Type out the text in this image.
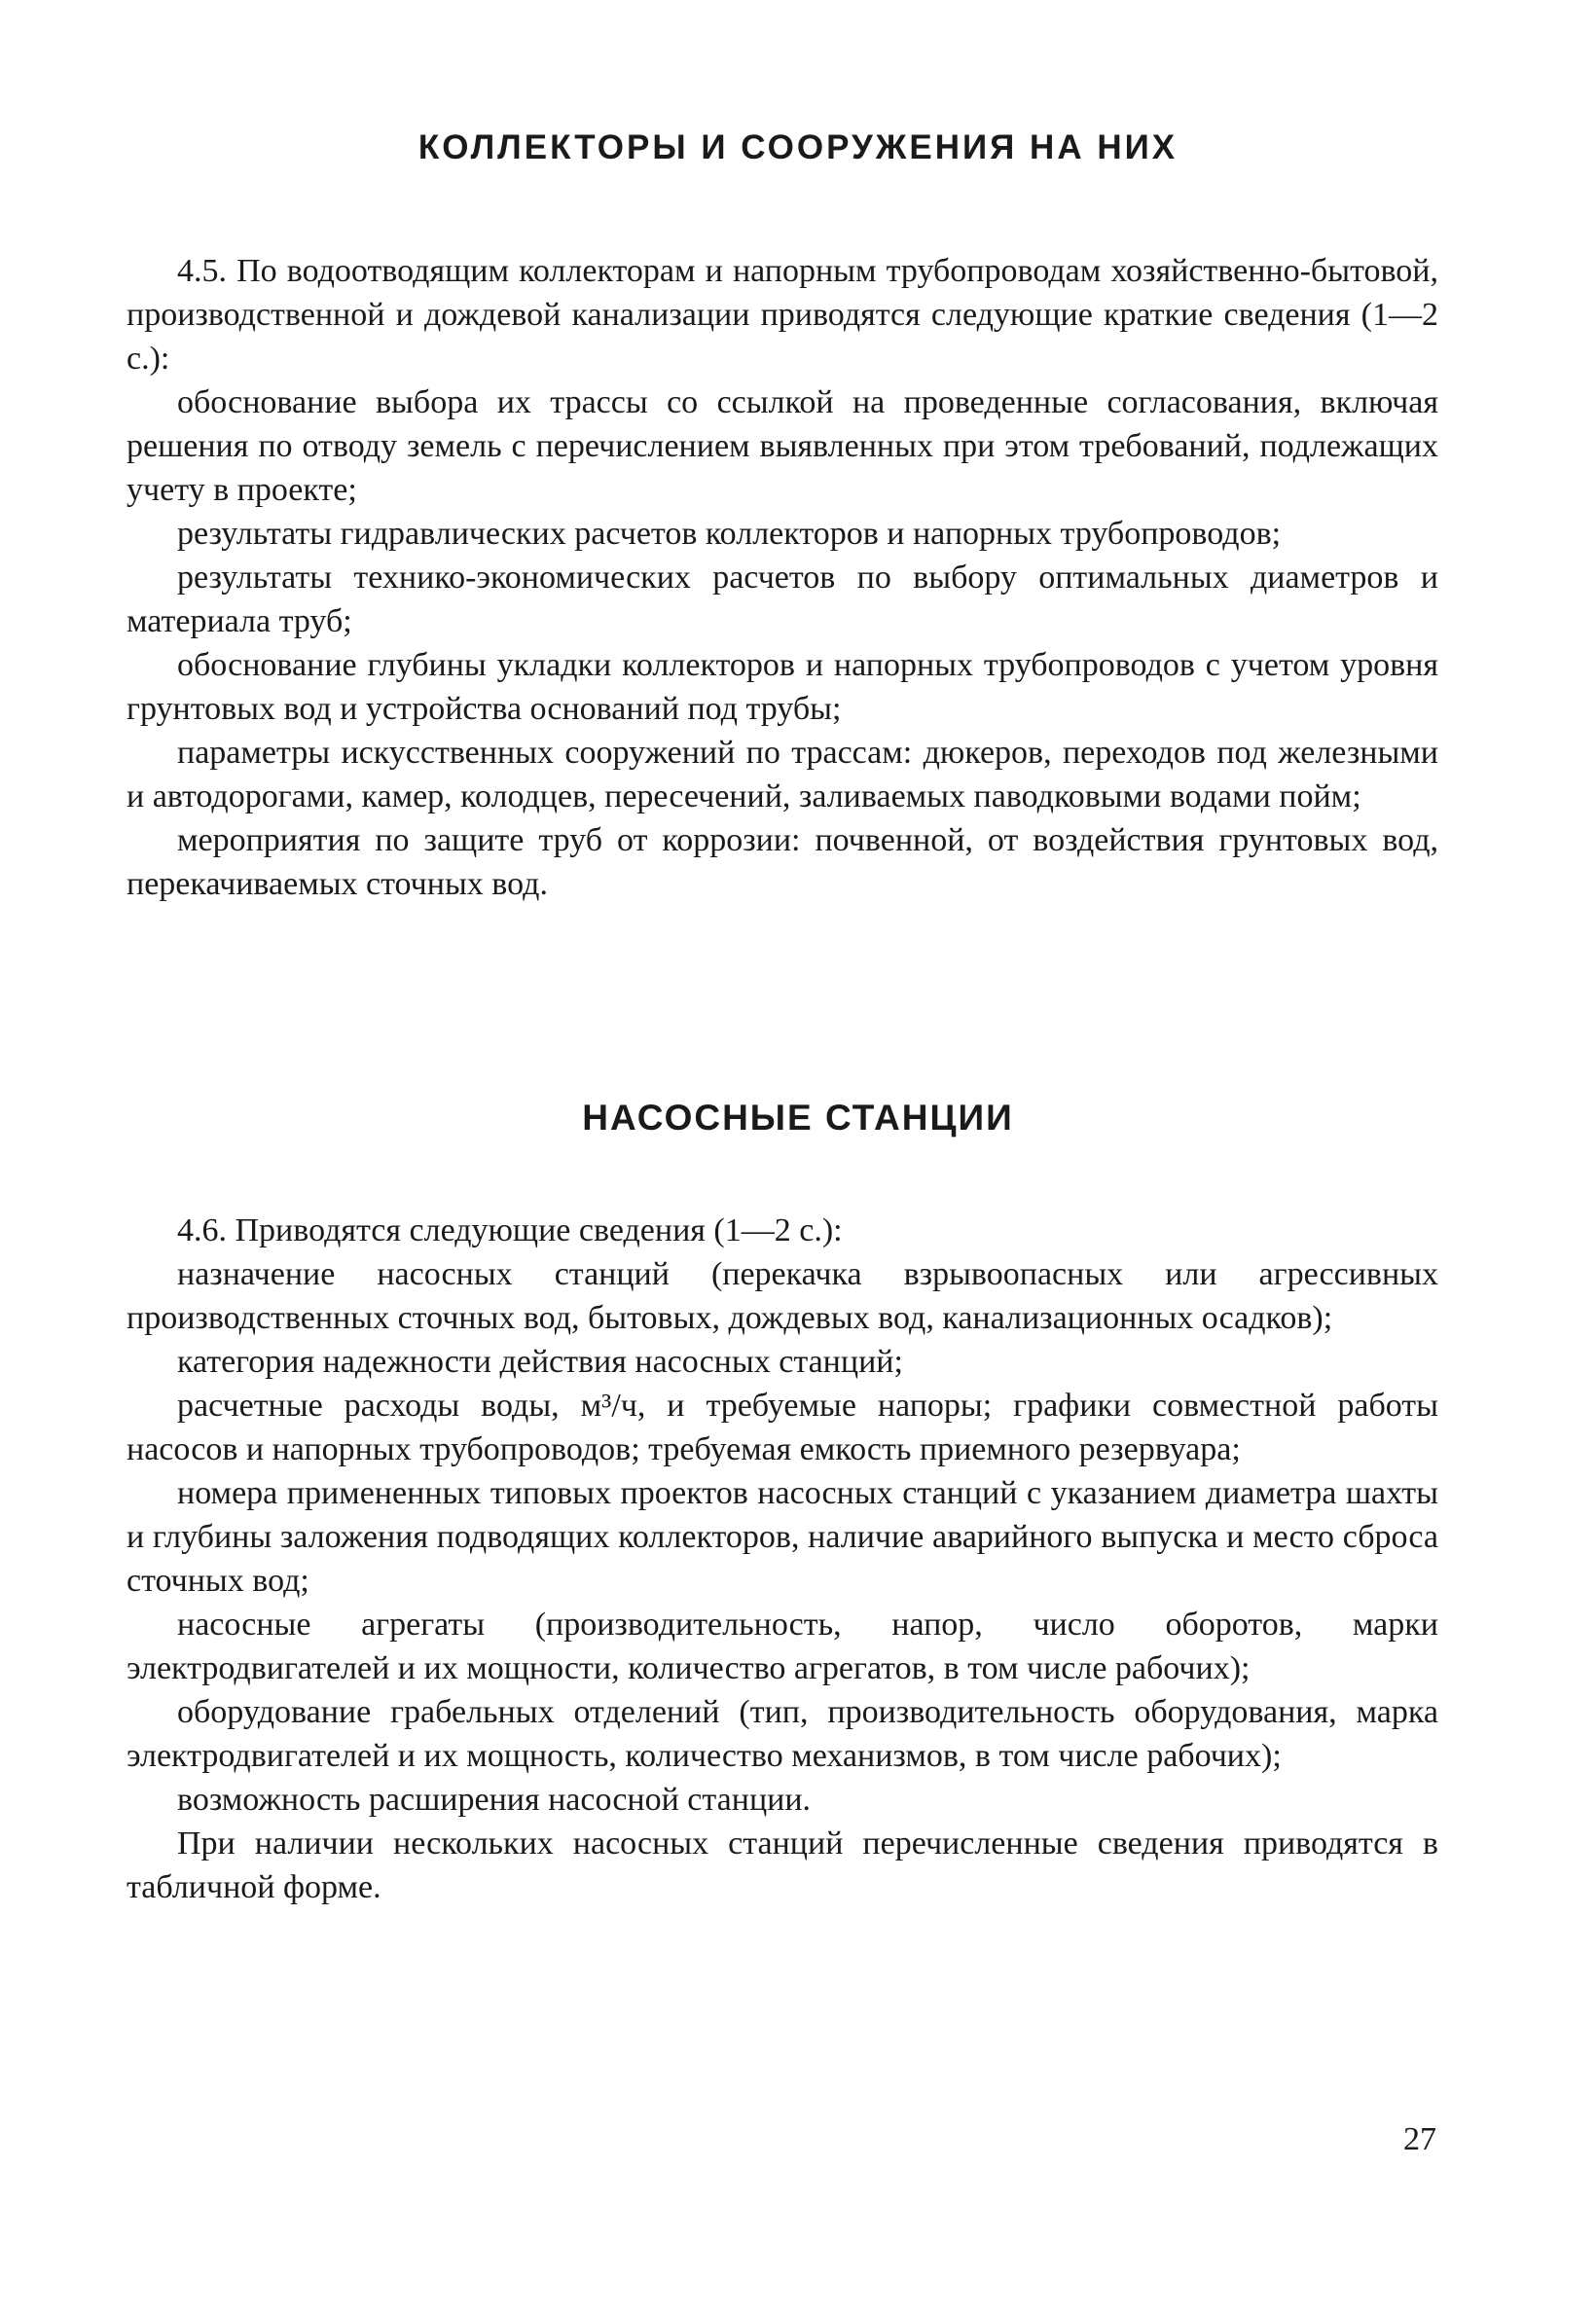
КОЛЛЕКТОРЫ И СООРУЖЕНИЯ НА НИХ

4.5. По водоотводящим коллекторам и напорным трубопроводам хозяйственно-бытовой, производственной и дождевой канализации приводятся следующие краткие сведения (1—2 с.):

обоснование выбора их трассы со ссылкой на проведенные согласования, включая решения по отводу земель с перечислением выявленных при этом требований, подлежащих учету в проекте;

результаты гидравлических расчетов коллекторов и напорных трубопроводов;

результаты технико-экономических расчетов по выбору оптимальных диаметров и материала труб;

обоснование глубины укладки коллекторов и напорных трубопроводов с учетом уровня грунтовых вод и устройства оснований под трубы;

параметры искусственных сооружений по трассам: дюкеров, переходов под железными и автодорогами, камер, колодцев, пересечений, заливаемых паводковыми водами пойм;

мероприятия по защите труб от коррозии: почвенной, от воздействия грунтовых вод, перекачиваемых сточных вод.

НАСОСНЫЕ СТАНЦИИ

4.6. Приводятся следующие сведения (1—2 с.):

назначение насосных станций (перекачка взрывоопасных или агрессивных производственных сточных вод, бытовых, дождевых вод, канализационных осадков);

категория надежности действия насосных станций;

расчетные расходы воды, м³/ч, и требуемые напоры; графики совместной работы насосов и напорных трубопроводов; требуемая емкость приемного резервуара;

номера примененных типовых проектов насосных станций с указанием диаметра шахты и глубины заложения подводящих коллекторов, наличие аварийного выпуска и место сброса сточных вод;

насосные агрегаты (производительность, напор, число оборотов, марки электродвигателей и их мощности, количество агрегатов, в том числе рабочих);

оборудование грабельных отделений (тип, производительность оборудования, марка электродвигателей и их мощность, количество механизмов, в том числе рабочих);

возможность расширения насосной станции.

При наличии нескольких насосных станций перечисленные сведения приводятся в табличной форме.

27
